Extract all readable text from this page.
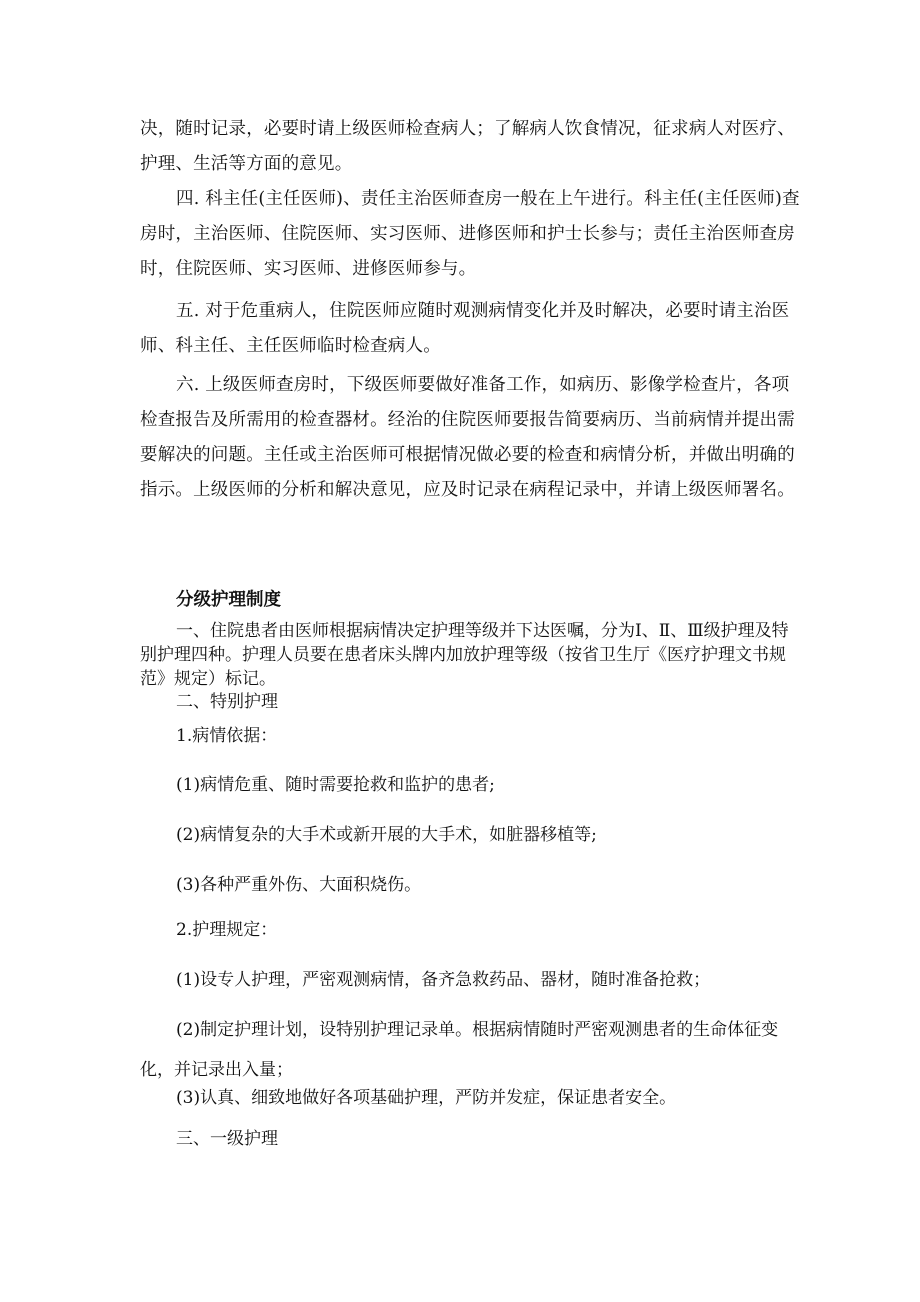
决，随时记录，必要时请上级医师检查病人；了解病人饮食情况，征求病人对医疗、护理、生活等方面的意见。

四. 科主任(主任医师)、责任主治医师查房一般在上午进行。科主任(主任医师)查房时，主治医师、住院医师、实习医师、进修医师和护士长参与；责任主治医师查房时，住院医师、实习医师、进修医师参与。

五. 对于危重病人，住院医师应随时观测病情变化并及时解决，必要时请主治医师、科主任、主任医师临时检查病人。

六. 上级医师查房时，下级医师要做好准备工作，如病历、影像学检查片，各项检查报告及所需用的检查器材。经治的住院医师要报告简要病历、当前病情并提出需要解决的问题。主任或主治医师可根据情况做必要的检查和病情分析，并做出明确的指示。上级医师的分析和解决意见，应及时记录在病程记录中，并请上级医师署名。

分级护理制度

一、住院患者由医师根据病情决定护理等级并下达医嘱，分为Ⅰ、Ⅱ、Ⅲ级护理及特别护理四种。护理人员要在患者床头牌内加放护理等级（按省卫生厅《医疗护理文书规范》规定）标记。

二、特别护理

1.病情依据：

(1)病情危重、随时需要抢救和监护的患者;

(2)病情复杂的大手术或新开展的大手术，如脏器移植等;

(3)各种严重外伤、大面积烧伤。

2.护理规定：

(1)设专人护理，严密观测病情，备齐急救药品、器材，随时准备抢救；

(2)制定护理计划，设特别护理记录单。根据病情随时严密观测患者的生命体征变化，并记录出入量；

(3)认真、细致地做好各项基础护理，严防并发症，保证患者安全。

三、一级护理
